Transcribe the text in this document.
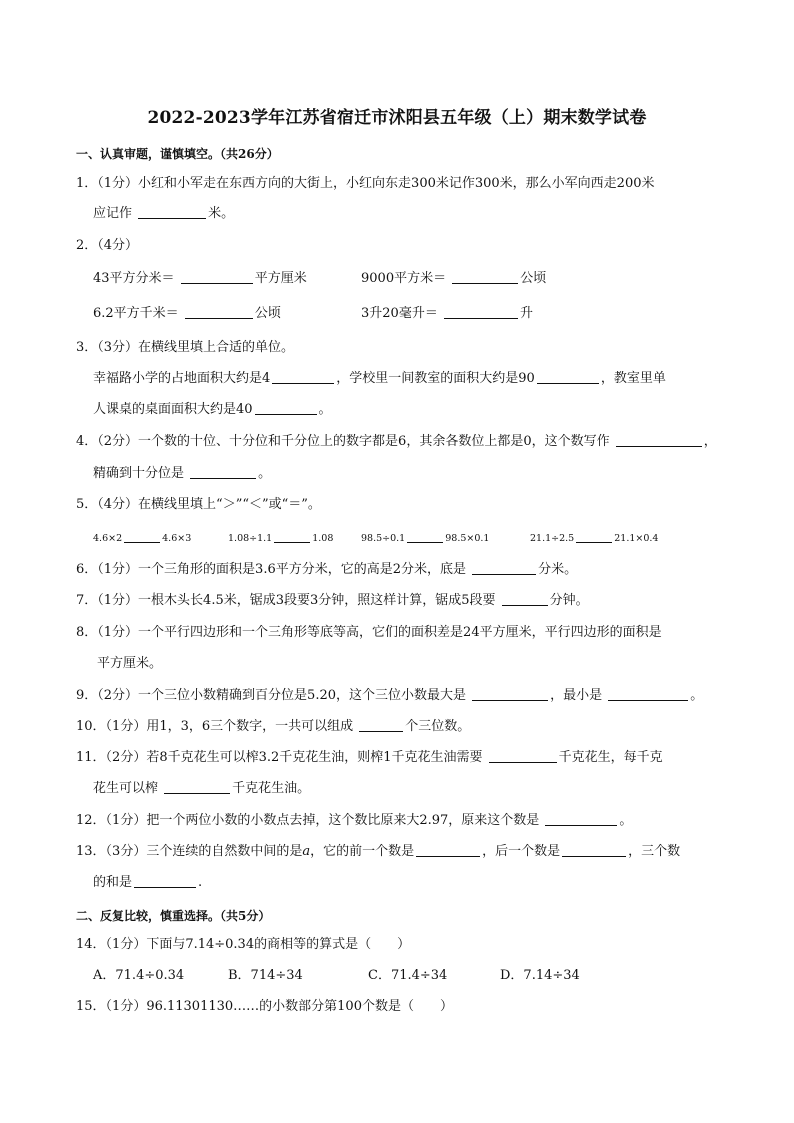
2022-2023学年江苏省宿迁市沭阳县五年级（上）期末数学试卷
一、认真审题，谨慎填空。（共26分）
1．（1分）小红和小军走在东西方向的大街上，小红向东走300米记作300米，那么小军向西走200米
应记作	米。
2．（4分）
43平方分米＝	平方厘米	9000平方米＝	公顷
6.2平方千米＝	公顷	3升20毫升＝	升
3．（3分）在横线里填上合适的单位。
幸福路小学的占地面积大约是4	，学校里一间教室的面积大约是90	，教室里单
人课桌的桌面面积大约是40	。
4．（2分）一个数的十位、十分位和千分位上的数字都是6，其余各数位上都是0，这个数写作	，
精确到十分位是	。
5．（4分）在横线里填上“＞”“＜”或“＝”。
4.6×2	4.6×3	1.08÷1.1	1.08	98.5÷0.1	98.5×0.1	21.1÷2.5	21.1×0.4
6．（1分）一个三角形的面积是3.6平方分米，它的高是2分米，底是	分米。
7．（1分）一根木头长4.5米，锯成3段要3分钟，照这样计算，锯成5段要	分钟。
8．（1分）一个平行四边形和一个三角形等底等高，它们的面积差是24平方厘米，平行四边形的面积是
平方厘米。
9．（2分）一个三位小数精确到百分位是5.20，这个三位小数最大是	，最小是	。
10．（1分）用1，3，6三个数字，一共可以组成	个三位数。
11．（2分）若8千克花生可以榨3.2千克花生油，则榨1千克花生油需要	千克花生，每千克
花生可以榨	千克花生油。
12．（1分）把一个两位小数的小数点去掉，这个数比原来大2.97，原来这个数是	。
13．（3分）三个连续的自然数中间的是a，它的前一个数是	，后一个数是	，三个数
的和是	.
二、反复比较，慎重选择。（共5分）
14．（1分）下面与7.14÷0.34的商相等的算式是（　　）
A．71.4÷0.34	B．714÷34	C．71.4÷34	D．7.14÷34
15．（1分）96.11301130……的小数部分第100个数是（　　）
